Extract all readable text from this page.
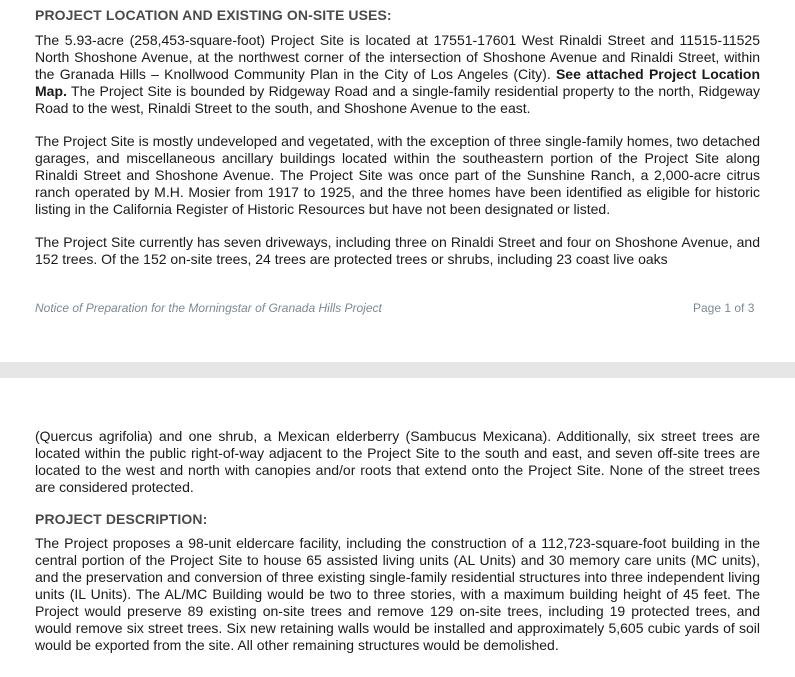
PROJECT LOCATION AND EXISTING ON-SITE USES:

The 5.93-acre (258,453-square-foot) Project Site is located at 17551-17601 West Rinaldi Street and 11515-11525 North Shoshone Avenue, at the northwest corner of the intersection of Shoshone Avenue and Rinaldi Street, within the Granada Hills – Knollwood Community Plan in the City of Los Angeles (City). See attached Project Location Map. The Project Site is bounded by Ridgeway Road and a single-family residential property to the north, Ridgeway Road to the west, Rinaldi Street to the south, and Shoshone Avenue to the east.

The Project Site is mostly undeveloped and vegetated, with the exception of three single-family homes, two detached garages, and miscellaneous ancillary buildings located within the southeastern portion of the Project Site along Rinaldi Street and Shoshone Avenue. The Project Site was once part of the Sunshine Ranch, a 2,000-acre citrus ranch operated by M.H. Mosier from 1917 to 1925, and the three homes have been identified as eligible for historic listing in the California Register of Historic Resources but have not been designated or listed.

The Project Site currently has seven driveways, including three on Rinaldi Street and four on Shoshone Avenue, and 152 trees. Of the 152 on-site trees, 24 trees are protected trees or shrubs, including 23 coast live oaks

Notice of Preparation for the Morningstar of Granada Hills Project	Page 1 of 3

(Quercus agrifolia) and one shrub, a Mexican elderberry (Sambucus Mexicana). Additionally, six street trees are located within the public right-of-way adjacent to the Project Site to the south and east, and seven off-site trees are located to the west and north with canopies and/or roots that extend onto the Project Site. None of the street trees are considered protected.

PROJECT DESCRIPTION:

The Project proposes a 98-unit eldercare facility, including the construction of a 112,723-square-foot building in the central portion of the Project Site to house 65 assisted living units (AL Units) and 30 memory care units (MC units), and the preservation and conversion of three existing single-family residential structures into three independent living units (IL Units). The AL/MC Building would be two to three stories, with a maximum building height of 45 feet. The Project would preserve 89 existing on-site trees and remove 129 on-site trees, including 19 protected trees, and would remove six street trees. Six new retaining walls would be installed and approximately 5,605 cubic yards of soil would be exported from the site. All other remaining structures would be demolished.
